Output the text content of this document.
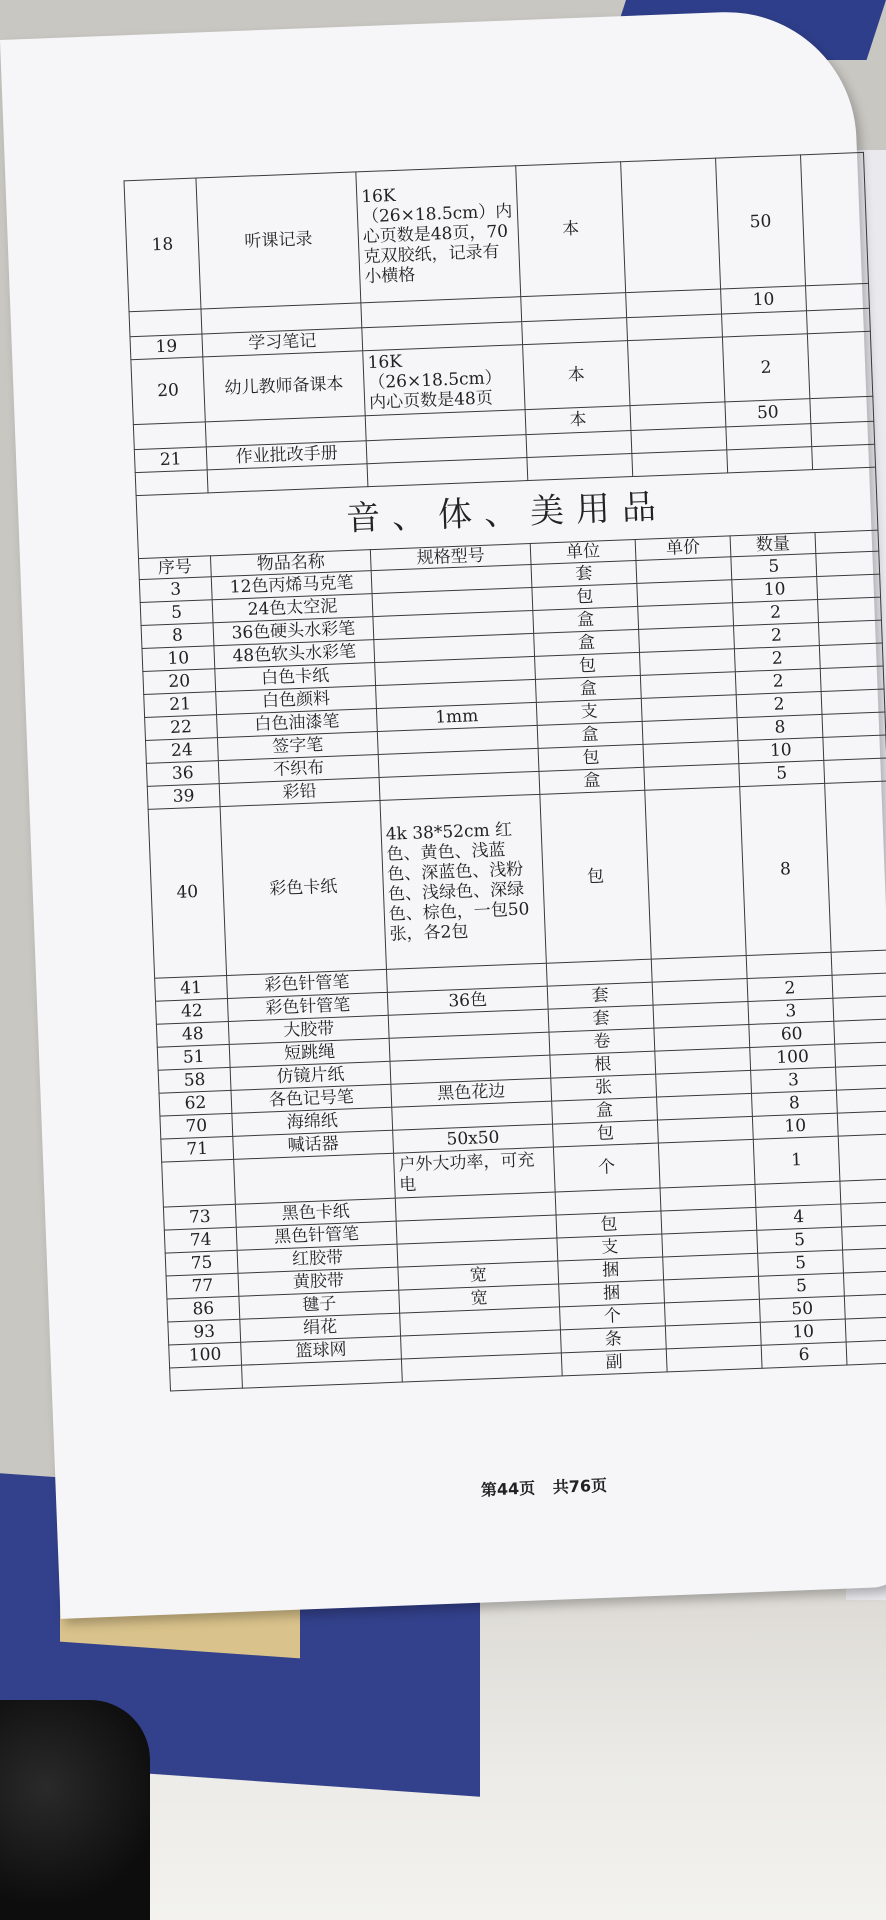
18	听课记录	16K（26×18.5cm）内心页数是48页，70克双胶纸，记录有小横格	本		50	
					10	
19	学习笔记					
20	幼儿教师备课本	16K（26×18.5cm） 内心页数是48页	本		2	
			本		50	
21	作业批改手册					

音、体、美用品						
序号	物品名称	规格型号	单位	单价	数量	
3	12色丙烯马克笔		套		5	
5	24色太空泥		包		10	
8	36色硬头水彩笔		盒		2	
10	48色软头水彩笔		盒		2	
20	白色卡纸		包		2	
21	白色颜料		盒		2	
22	白色油漆笔	1mm	支		2	
24	签字笔		盒		8	
36	不织布		包		10	
39	彩铅		盒		5	
40	彩色卡纸	4k 38*52cm 红色、黄色、浅蓝色、深蓝色、浅粉色、浅绿色、深绿色、棕色，一包50张，各2包	包		8	
41	彩色针管笔					
42	彩色针管笔	36色	套		2	
48	大胶带		套		3	
51	短跳绳		卷		60	
58	仿镜片纸		根		100	
62	各色记号笔	黑色花边	张		3	
70	海绵纸		盒		8	
71	喊话器	50x50	包		10	
		户外大功率，可充电	个		1	
73	黑色卡纸					
74	黑色针管笔		包		4	
75	红胶带		支		5	
77	黄胶带	宽	捆		5	
86	毽子	宽	捆		5	
93	绢花		个		50	
100	篮球网		条		10	
			副		6	
第44页 共76页
